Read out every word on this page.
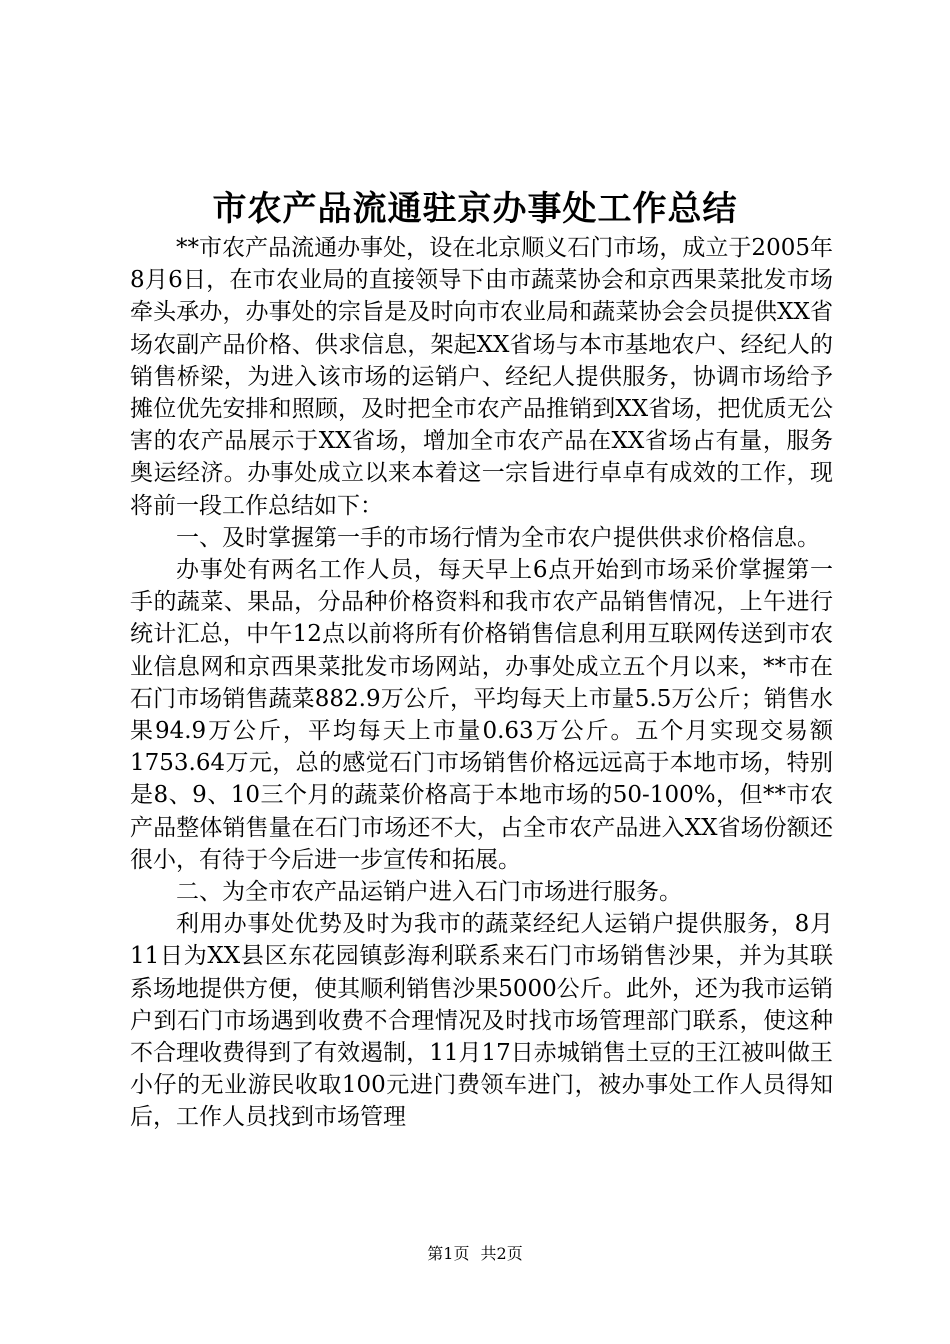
市农产品流通驻京办事处工作总结

**市农产品流通办事处，设在北京顺义石门市场，成立于2005年8月6日，在市农业局的直接领导下由市蔬菜协会和京西果菜批发市场牵头承办，办事处的宗旨是及时向市农业局和蔬菜协会会员提供XX省场农副产品价格、供求信息，架起XX省场与本市基地农户、经纪人的销售桥梁，为进入该市场的运销户、经纪人提供服务，协调市场给予摊位优先安排和照顾，及时把全市农产品推销到XX省场，把优质无公害的农产品展示于XX省场，增加全市农产品在XX省场占有量，服务奥运经济。办事处成立以来本着这一宗旨进行卓卓有成效的工作，现将前一段工作总结如下：

一、及时掌握第一手的市场行情为全市农户提供供求价格信息。

办事处有两名工作人员，每天早上6点开始到市场采价掌握第一手的蔬菜、果品，分品种价格资料和我市农产品销售情况，上午进行统计汇总，中午12点以前将所有价格销售信息利用互联网传送到市农业信息网和京西果菜批发市场网站，办事处成立五个月以来，**市在石门市场销售蔬菜882.9万公斤，平均每天上市量5.5万公斤；销售水果94.9万公斤，平均每天上市量0.63万公斤。五个月实现交易额1753.64万元，总的感觉石门市场销售价格远远高于本地市场，特别是8、9、10三个月的蔬菜价格高于本地市场的50-100%，但**市农产品整体销售量在石门市场还不大，占全市农产品进入XX省场份额还很小，有待于今后进一步宣传和拓展。

二、为全市农产品运销户进入石门市场进行服务。

利用办事处优势及时为我市的蔬菜经纪人运销户提供服务，8月11日为XX县区东花园镇彭海利联系来石门市场销售沙果，并为其联系场地提供方便，使其顺利销售沙果5000公斤。此外，还为我市运销户到石门市场遇到收费不合理情况及时找市场管理部门联系，使这种不合理收费得到了有效遏制，11月17日赤城销售土豆的王江被叫做王小仔的无业游民收取100元进门费领车进门，被办事处工作人员得知后，工作人员找到市场管理

第1页 共2页
